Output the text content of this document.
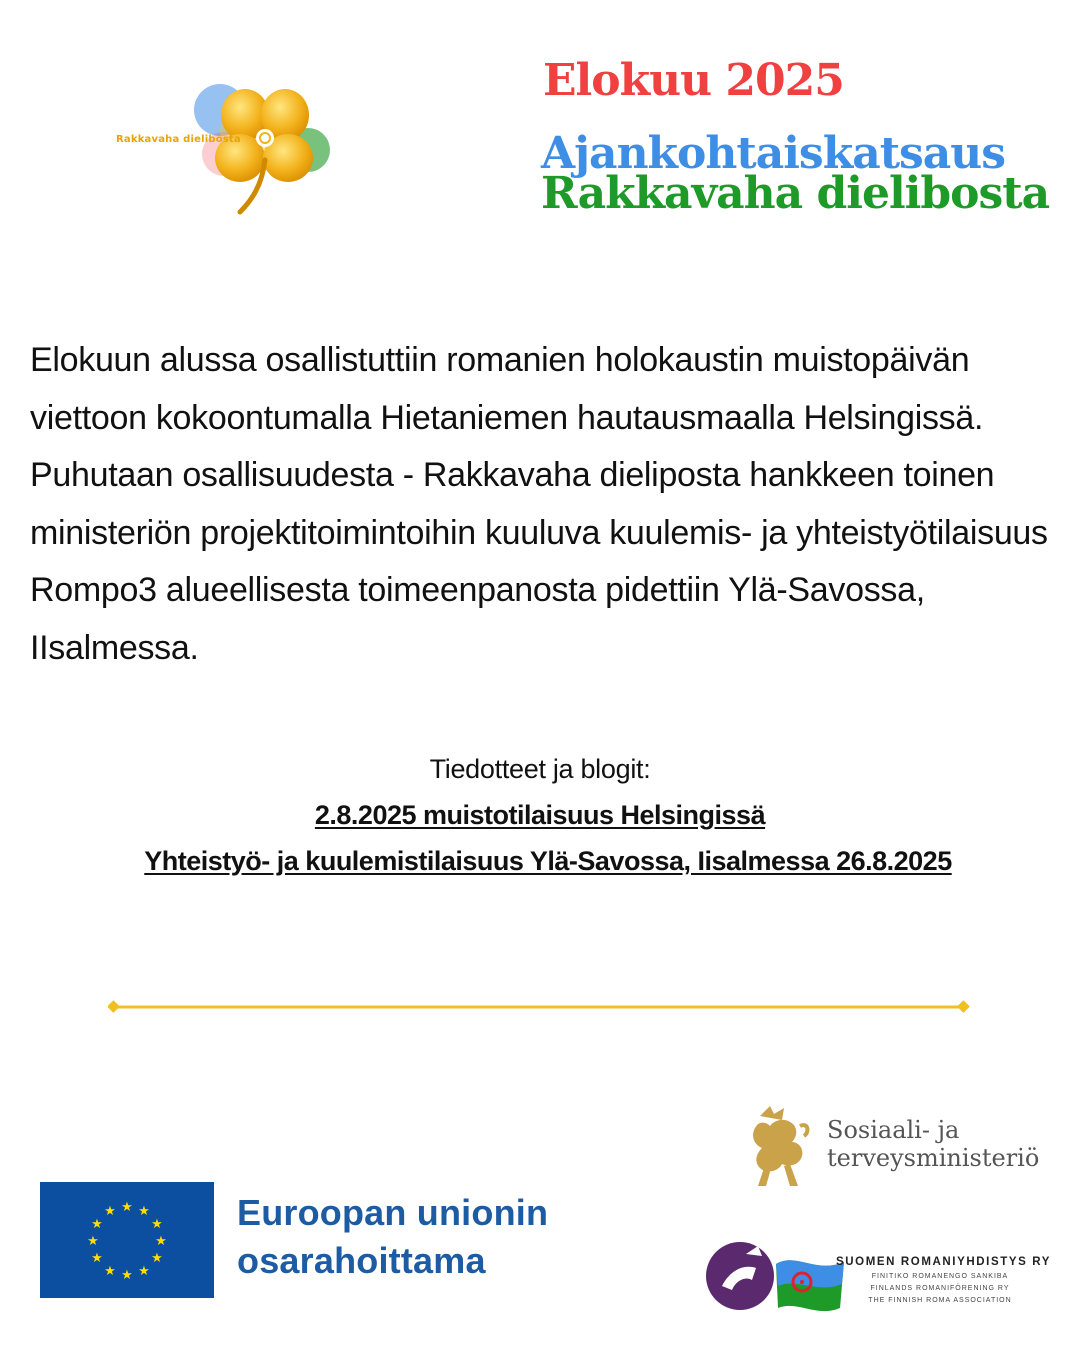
Rakkavaha dielibosta
Elokuu 2025
Ajankohtaiskatsaus
Rakkavaha dielibosta
Elokuun alussa osallistuttiin romanien holokaustin muistopäivän viettoon kokoontumalla Hietaniemen hautausmaalla Helsingissä. Puhutaan osallisuudesta - Rakkavaha dieliposta hankkeen toinen ministeriön projektitoimintoihin kuuluva kuulemis- ja yhteistyötilaisuus Rompo3 alueellisesta toimeenpanosta pidettiin Ylä-Savossa, IIsalmessa.
Tiedotteet ja blogit:
2.8.2025 muistotilaisuus Helsingissä
Yhteistyö- ja kuulemistilaisuus Ylä-Savossa, Iisalmessa 26.8.2025
★ ★
★
★
★
★
★
★
★
★
★
★	Euroopan unionin
osarahoittama
Sosiaali- ja
terveysministeriö
SUOMEN ROMANIYHDISTYS RY
FINITIKO ROMANENGO SANKIBA
FINLANDS ROMANIFÖRENING RY
THE FINNISH ROMA ASSOCIATION
